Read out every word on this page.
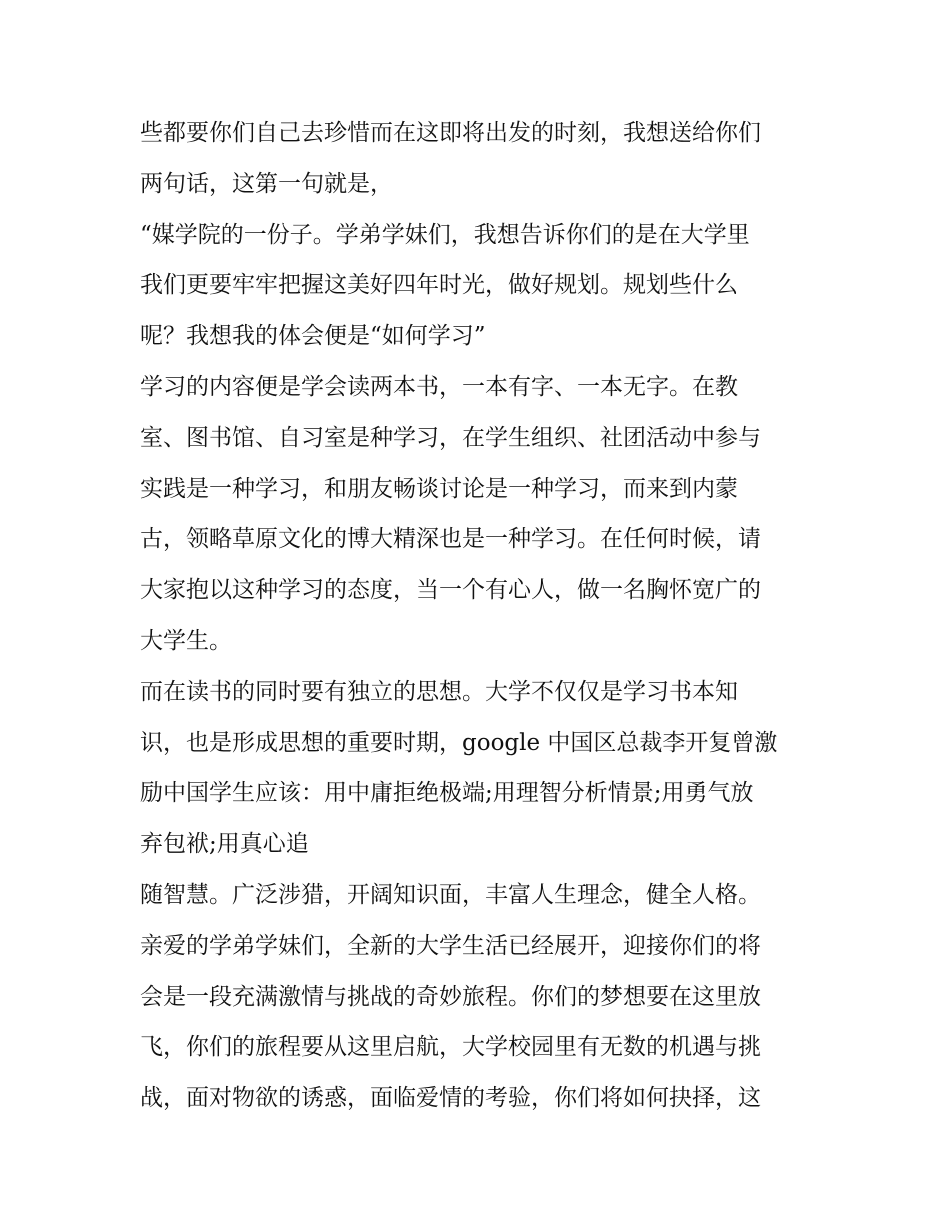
些都要你们自己去珍惜而在这即将出发的时刻，我想送给你们
两句话，这第一句就是，
“媒学院的一份子。学弟学妹们，我想告诉你们的是在大学里
我们更要牢牢把握这美好四年时光，做好规划。规划些什么
呢？我想我的体会便是“如何学习”
学习的内容便是学会读两本书，一本有字、一本无字。在教
室、图书馆、自习室是种学习，在学生组织、社团活动中参与
实践是一种学习，和朋友畅谈讨论是一种学习，而来到内蒙
古，领略草原文化的博大精深也是一种学习。在任何时候，请
大家抱以这种学习的态度，当一个有心人，做一名胸怀宽广的
大学生。
而在读书的同时要有独立的思想。大学不仅仅是学习书本知
识，也是形成思想的重要时期，google 中国区总裁李开复曾激
励中国学生应该：用中庸拒绝极端;用理智分析情景;用勇气放
弃包袱;用真心追
随智慧。广泛涉猎，开阔知识面，丰富人生理念，健全人格。
亲爱的学弟学妹们，全新的大学生活已经展开，迎接你们的将
会是一段充满激情与挑战的奇妙旅程。你们的梦想要在这里放
飞，你们的旅程要从这里启航，大学校园里有无数的机遇与挑
战，面对物欲的诱惑，面临爱情的考验，你们将如何抉择，这
